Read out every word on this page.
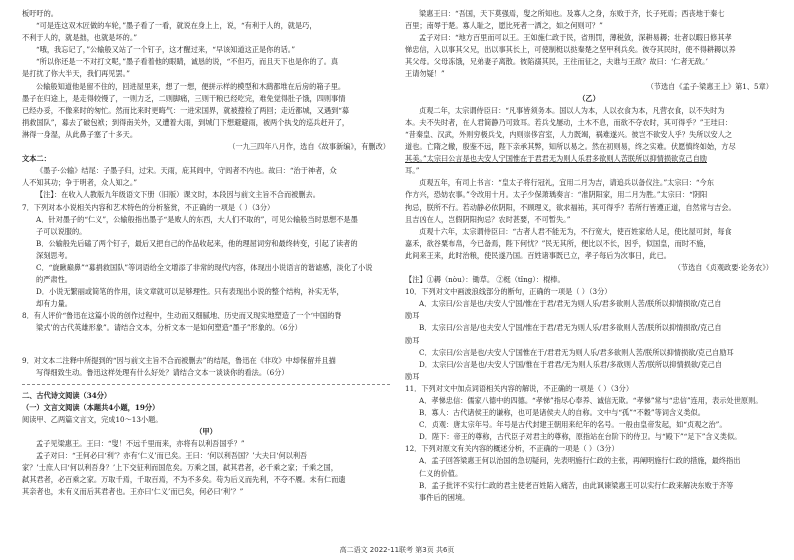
板吁吁的。

“可是连这双木匠做的车轮，”墨子看了一看，就说在身上上，说，“有利于人的，就是巧，

不利于人的，就是拙，也就是坏的。”

“哦，我忘记了，”公输般又站了一个钉子，这才醒过来，“早该知道这正是你的话。”

“所以你还是一不对打文呢，”墨子看着他的眼睛，诚恳的说，“不但巧，而且天下也是你的了。真

是打扰了你大半天，我们再见罢。”

公输般知道他是留不住的，回进屋里来，想了一想，便拼示样的模型和木鹞都堆在后房的箱子里。

墨子在归途上，是走得较慢了，一则力乏，二则脚痛，三则干粮已经吃完，难免觉得肚子饿，四则事情

已经办妥，不像来时的匆忙。然而比来时更晦气：一进宋国界，就被搜检了两回；走近都城，又遇到“募

捐救国队”，募去了破包袱；到得南关外，又遭着大雨，到城门下想避避雨，被两个执戈的巡兵赶开了，

淋得一身湿，从此鼻子塞了十多天。

（一九三四年八月作，选自《故事新编》，有删改）

文本二：

《墨子·公输》结尾：子墨子归，过宋。天雨，庇其闾中，守闾者不内也。故曰：“治于神者，众

人不知其功；争于明者，众人知之。”

【注】：在收入人教版九年级语文下册（旧版）课文时，本段因与前文主旨不合而被删去。

7．下列对本小说相关内容和艺术特色的分析鉴赏，不正确的一项是（ ）（3分）

A．针对墨子的“仁义”，公输般指出墨子“是败人的东西，大人们不取的”，可见公输般当时思想不是墨

子可以说服的。

B．公输般先后磕了两个钉子，最后又把自己的作品收起来，他的理屈词穷和最终转变，引起了读者的

深刻思考。

C．“旋瞅巅鼻”“募捐救国队”等词语给全文增添了非常的现代内容，体现出小说语言的谐谑感，淡化了小说

的严肃性。

D．小说无繁丽或简笔的作用，读文章就可以足够理性。只有表现出小说的整个结构，补实无华，

却有力量。

8．有人评价“鲁迅在这篇小说的创作过程中，生动而又细腻地、历史而又现实地塑造了一个‘中国的脊

梁式’的古代英雄形象”。请结合文本，分析文本一是如何塑造“墨子”形象的。（6分）

9．对文本二注释中所提到的“因与前文主旨不合而被删去”的结尾，鲁迅在《非攻》中却保留并且描

写得细致生动。鲁迅这样处理有什么好处？请结合文本一谈谈你的看法。（6分）

二、古代诗文阅读（34分）

（一）文言文阅读（本题共4小题，19分）

阅读甲、乙两篇文言文，完成10～13小题。

（甲）

孟子见梁惠王。王曰：“叟！不远千里而来，亦将有以利吾国乎？”

孟子对曰：“王何必曰‘利’？亦有‘仁义’而已矣。王曰：‘何以利吾国？’大夫曰‘何以利吾

家？’士庶人曰‘何以利吾身？’上下交征利而国危矣。万乘之国，弑其君者，必千乘之家；千乘之国，

弑其君者，必百乘之家。万取千焉，千取百焉，不为不多矣。苟为后义而先利，不夺不餍。未有仁而遗

其亲者也，未有义而后其君者也。王亦曰‘仁义’而已矣，何必曰‘利’？”

梁惠王曰：“吾国，天下莫强焉，叟之所知也。及寡人之身，东败于齐，长子死焉；西丧地于秦七

百里；南辱于楚。寡人耻之，愿比死者一洒之，如之何则可？”

孟子对曰：“地方百里而可以王。王如施仁政于民，省刑罚，薄税敛，深耕易耨；壮者以暇日修其孝

悌忠信，入以事其父兄，出以事其长上，可使制梃以挞秦楚之坚甲利兵矣。彼夺其民时，使不得耕耨以养

其父母。父母冻饿，兄弟妻子离散。彼陷溺其民，王往而征之，夫谁与王敌？故曰：‘仁者无敌。’

王请勿疑！”

（节选自《孟子·梁惠王上》第1、5章）

（乙）

贞观二年，太宗谓侍臣曰：“凡事皆须务本。国以人为本，人以衣食为本，凡营衣食，以不失时为

本。夫不失时者，在人君简静乃可致耳。若兵戈屡动，土木不息，而欲不夺农时，其可得乎？”王珪曰：

“昔秦皇、汉武，外则穷极兵戈，内则崇侈宫室，人力既竭，祸难遂兴。彼岂不欲安人乎？失所以安人之

道也。亡隋之辙，殷鉴不远，陛下亲承其弊，知所以易之。然在初则易，终之实难。伏愿慎终如始，方尽

其美。”太宗曰公言是也夫安人宁国惟在于君君无为则人乐君多欲则人苦朕所以抑情损欲克己自励

耳。”

贞观五年，有司上书言：“皇太子将行冠礼，宜用二月为吉，请追兵以备仪注。”太宗曰：“今东

作方兴，恐妨农事。”令改用十月。太子少保萧瑀奏言：“准阴阳家，用二月为胜。”太宗曰：“阴阳

拘忌，朕所不行。若动静必依阴阳，不顾理义，欲求福祐，其可得乎？若所行皆遵正道，自然常与吉会。

且吉凶在人，岂假阴阳拘忌？农时甚要，不可暂失。”

贞观十六年，太宗谓侍臣曰：“古者人君不能无为，不行宽大，使百姓家给人足，使比屋可封，每食

嘉禾，欲谷粟布帛，今已备焉，陛下何忧？”民无其所，便比以不长，因乎，似国皇，而时不施，

此间来王来，此时治粮，使民遂乃国。百姓诸事既已立，孝子每后为次事日，此已。

（节选自《贞观政要·论务农》）

【注】①耨（nòu）：锄草。 ②梃（tǐng）：棍棒。

10．下列对文中画波浪线部分的断句，正确的一项是（ ）（3分）

A．太宗曰/公言是也/夫安人宁国/惟在于君/君无为则人乐/君多欲则人苦/朕所以抑情损欲/克己自

励耳

B．太宗曰/公言是/也夫安人宁国/惟在于君/君无为则人乐/君多欲则人苦/朕所以抑情损欲/克己自

励耳

C．太宗曰/公言是也/夫安人宁国惟在于/君君无为则人乐/君多欲则人苦/朕所以抑情损欲/克己自励耳

D．太宗曰/公言是也/夫安人宁国/惟在于君君/无为则人乐君/多欲则人苦/朕所以抑情损欲/克己自

励耳

11．下列对文中加点词语相关内容的解说，不正确的一项是（ ）（3分）

A．孝悌忠信：儒家八德中的四德。“孝悌”指尽心奉养、诚信无欺。“孝悌”常与“忠信”连用，表示处世原则。

B．寡人：古代诸侯王的谦称，也可是诸侯夫人的自称。文中与“孤”“不穀”等词含义类似。

C．贞观：唐太宗年号。年号是古代封建王朝用来纪年的名号。一般由皇帝发起，如“贞观之治”。

D．陛下：帝王的尊称，古代臣子对君主的尊称，原指站在台阶下的侍卫。与“殿下”“足下”含义类似。

12．下列对原文有关内容的概述分析，不正确的一项是（ ）（3分）

A．孟子回答梁惠王何以治国的急切疑问，先表明施行仁政的主张，再阐明施行仁政的措施，最终指出

仁义的价值。

B．孟子批评不实行仁政的君主使老百姓陷入痛苦，由此讽谏梁惠王可以实行仁政来解决东败于齐等

事件后的困境。

高二语文 2022-11联考 第3页 共6页
